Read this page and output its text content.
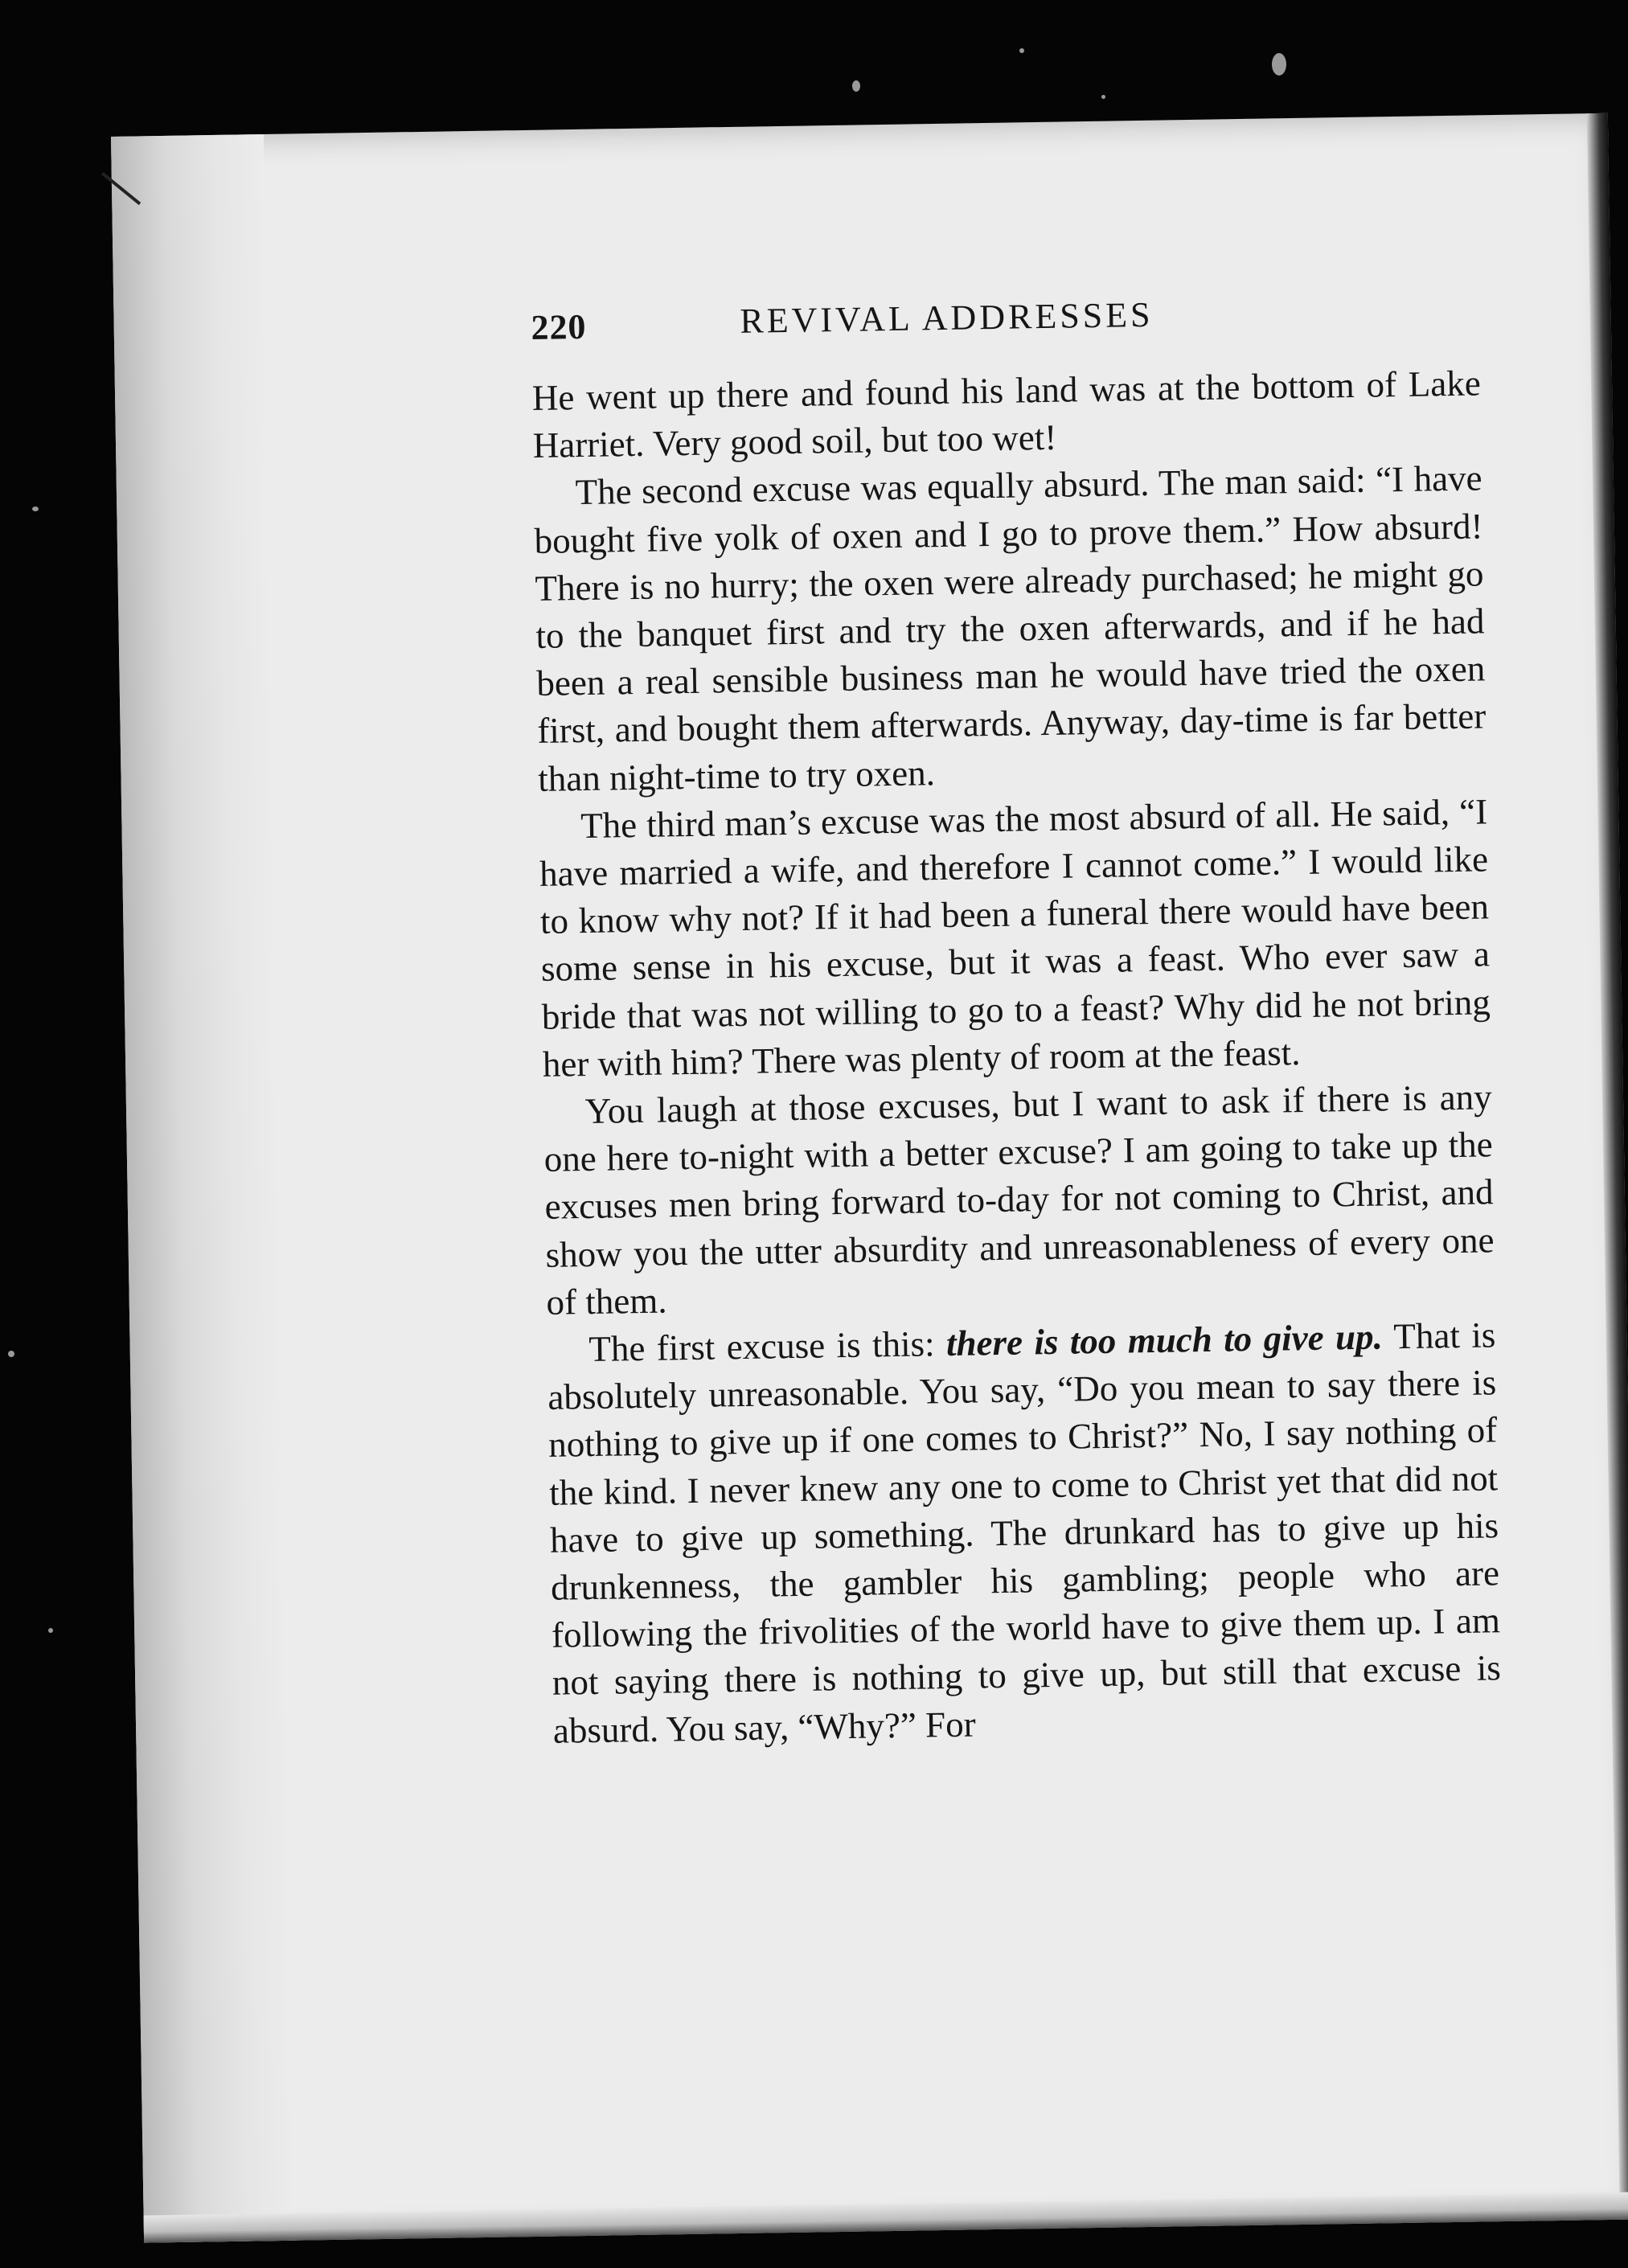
220	REVIVAL ADDRESSES

He went up there and found his land was at the bottom of Lake Harriet. Very good soil, but too wet!

The second excuse was equally absurd. The man said: “I have bought five yolk of oxen and I go to prove them.” How absurd! There is no hurry; the oxen were already purchased; he might go to the banquet first and try the oxen afterwards, and if he had been a real sensible business man he would have tried the oxen first, and bought them afterwards. Anyway, day-time is far better than night-time to try oxen.

The third man’s excuse was the most absurd of all. He said, “I have married a wife, and therefore I cannot come.” I would like to know why not? If it had been a funeral there would have been some sense in his excuse, but it was a feast. Who ever saw a bride that was not willing to go to a feast? Why did he not bring her with him? There was plenty of room at the feast.

You laugh at those excuses, but I want to ask if there is any one here to-night with a better excuse? I am going to take up the excuses men bring forward to-day for not coming to Christ, and show you the utter absurdity and unreasonableness of every one of them.

The first excuse is this: there is too much to give up. That is absolutely unreasonable. You say, “Do you mean to say there is nothing to give up if one comes to Christ?” No, I say nothing of the kind. I never knew any one to come to Christ yet that did not have to give up something. The drunkard has to give up his drunkenness, the gambler his gambling; people who are following the frivolities of the world have to give them up. I am not saying there is nothing to give up, but still that excuse is absurd. You say, “Why?” For
